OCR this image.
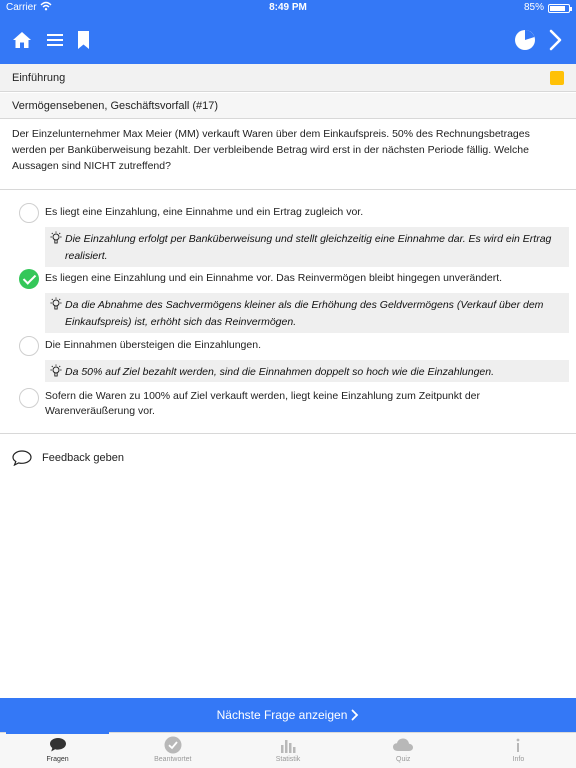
Carrier	8:49 PM	85%
Einführung
Vermögensebenen, Geschäftsvorfall (#17)
Der Einzelunternehmer Max Meier (MM) verkauft Waren über dem Einkaufspreis. 50% des Rechnungsbetrages werden per Banküberweisung bezahlt. Der verbleibende Betrag wird erst in der nächsten Periode fällig. Welche Aussagen sind NICHT zutreffend?
Es liegt eine Einzahlung, eine Einnahme und ein Ertrag zugleich vor.
Die Einzahlung erfolgt per Banküberweisung und stellt gleichzeitig eine Einnahme dar. Es wird ein Ertrag realisiert.
Es liegen eine Einzahlung und ein Einnahme vor. Das Reinvermögen bleibt hingegen unverändert.
Da die Abnahme des Sachvermögens kleiner als die Erhöhung des Geldvermögens (Verkauf über dem Einkaufspreis) ist, erhöht sich das Reinvermögen.
Die Einnahmen übersteigen die Einzahlungen.
Da 50% auf Ziel bezahlt werden, sind die Einnahmen doppelt so hoch wie die Einzahlungen.
Sofern die Waren zu 100% auf Ziel verkauft werden, liegt keine Einzahlung zum Zeitpunkt der Warenveräußerung vor.
Feedback geben
Nächste Frage anzeigen
Fragen	Beantwortet	Statistik	Quiz	Info
